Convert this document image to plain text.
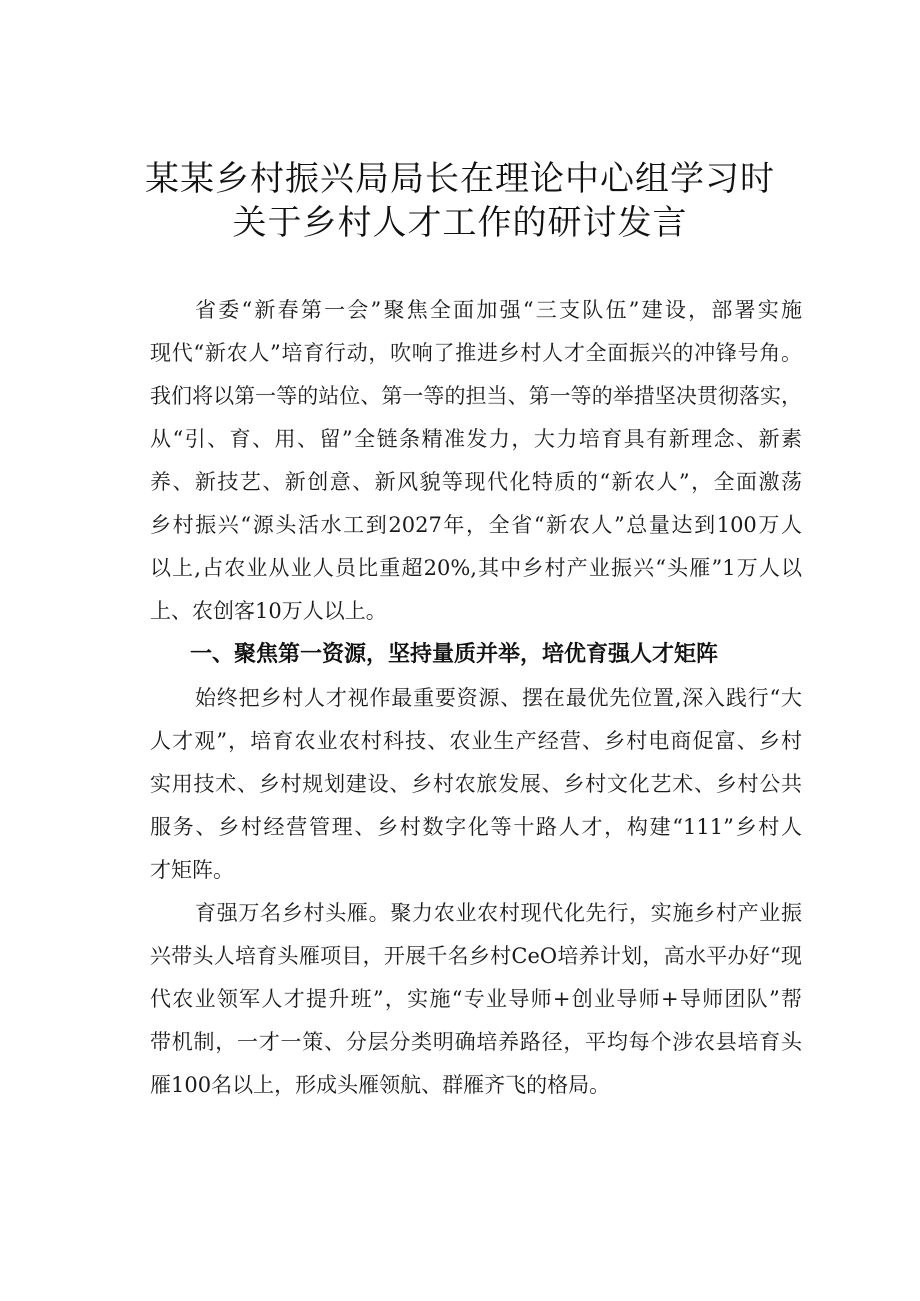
某某乡村振兴局局长在理论中心组学习时
关于乡村人才工作的研讨发言

省委“新春第一会”聚焦全面加强“三支队伍”建设，部署实施

现代“新农人”培育行动，吹响了推进乡村人才全面振兴的冲锋号角。

我们将以第一等的站位、第一等的担当、第一等的举措坚决贯彻落实，

从“引、育、用、留”全链条精准发力，大力培育具有新理念、新素

养、新技艺、新创意、新风貌等现代化特质的“新农人”，全面激荡

乡村振兴“源头活水工到2027年，全省“新农人”总量达到100万人

以上,占农业从业人员比重超20%,其中乡村产业振兴“头雁”1万人以

上、农创客10万人以上。

一、聚焦第一资源，坚持量质并举，培优育强人才矩阵

始终把乡村人才视作最重要资源、摆在最优先位置,深入践行“大

人才观”，培育农业农村科技、农业生产经营、乡村电商促富、乡村

实用技术、乡村规划建设、乡村农旅发展、乡村文化艺术、乡村公共

服务、乡村经营管理、乡村数字化等十路人才，构建“111”乡村人

才矩阵。

育强万名乡村头雁。聚力农业农村现代化先行，实施乡村产业振

兴带头人培育头雁项目，开展千名乡村CeO培养计划，高水平办好“现

代农业领军人才提升班”，实施“专业导师+创业导师+导师团队”帮

带机制，一才一策、分层分类明确培养路径，平均每个涉农县培育头

雁100名以上，形成头雁领航、群雁齐飞的格局。
